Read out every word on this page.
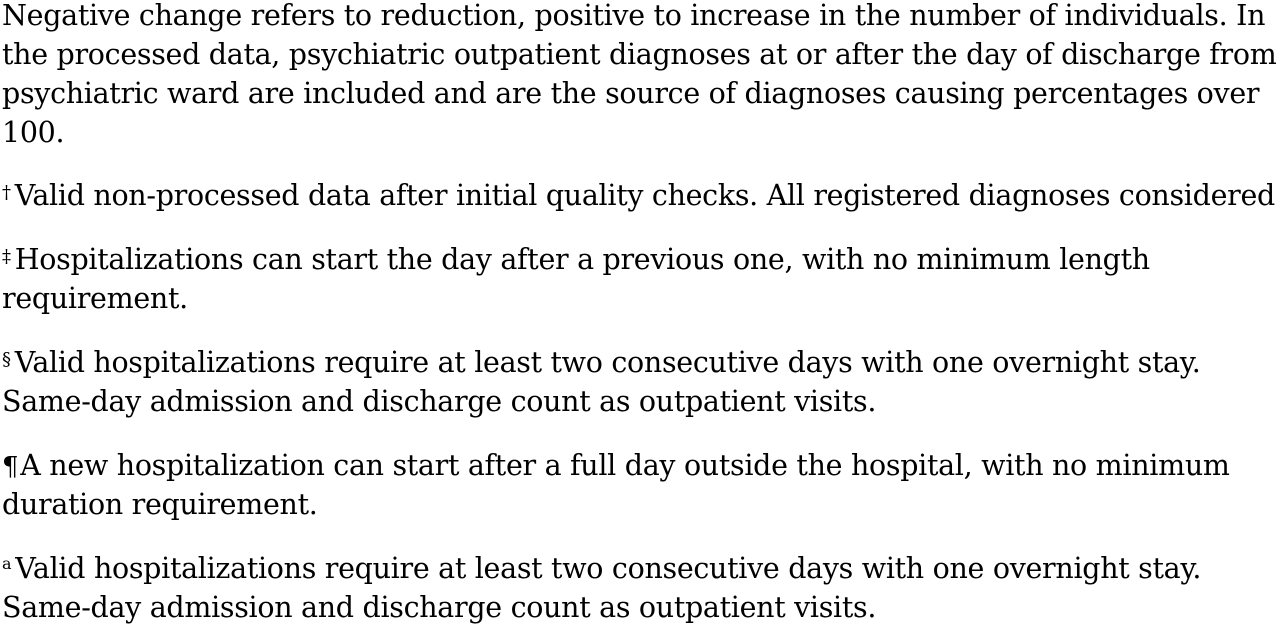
Negative change refers to reduction, positive to increase in the number of individuals. In the processed data, psychiatric outpatient diagnoses at or after the day of discharge from psychiatric ward are included and are the source of diagnoses causing percentages over 100.

† Valid non-processed data after initial quality checks. All registered diagnoses considered

‡ Hospitalizations can start the day after a previous one, with no minimum length requirement.

§ Valid hospitalizations require at least two consecutive days with one overnight stay. Same-day admission and discharge count as outpatient visits.

¶A new hospitalization can start after a full day outside the hospital, with no minimum duration requirement.

a Valid hospitalizations require at least two consecutive days with one overnight stay. Same-day admission and discharge count as outpatient visits.
